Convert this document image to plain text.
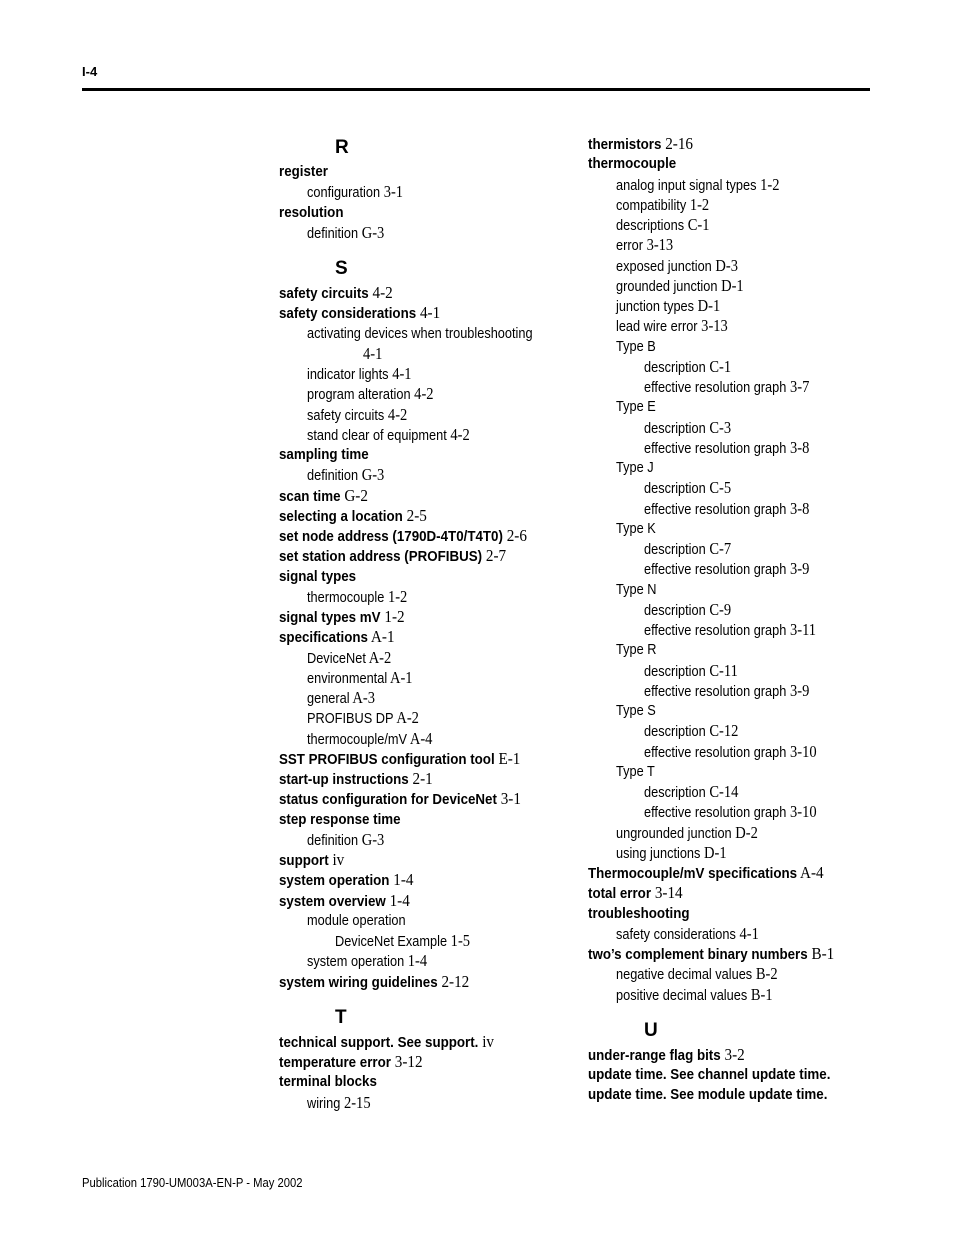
I-4
R
register
configuration 3-1
resolution
definition G-3
S
safety circuits 4-2
safety considerations 4-1
activating devices when troubleshooting
4-1
indicator lights 4-1
program alteration 4-2
safety circuits 4-2
stand clear of equipment 4-2
sampling time
definition G-3
scan time G-2
selecting a location 2-5
set node address (1790D-4T0/T4T0) 2-6
set station address (PROFIBUS) 2-7
signal types
thermocouple 1-2
signal types mV 1-2
specifications A-1
DeviceNet A-2
environmental A-1
general A-3
PROFIBUS DP A-2
thermocouple/mV A-4
SST PROFIBUS configuration tool E-1
start-up instructions 2-1
status configuration for DeviceNet 3-1
step response time
definition G-3
support iv
system operation 1-4
system overview 1-4
module operation
DeviceNet Example 1-5
system operation 1-4
system wiring guidelines 2-12
T
technical support. See support. iv
temperature error 3-12
terminal blocks
wiring 2-15
thermistors 2-16
thermocouple
analog input signal types 1-2
compatibility 1-2
descriptions C-1
error 3-13
exposed junction D-3
grounded junction D-1
junction types D-1
lead wire error 3-13
Type B
description C-1
effective resolution graph 3-7
Type E
description C-3
effective resolution graph 3-8
Type J
description C-5
effective resolution graph 3-8
Type K
description C-7
effective resolution graph 3-9
Type N
description C-9
effective resolution graph 3-11
Type R
description C-11
effective resolution graph 3-9
Type S
description C-12
effective resolution graph 3-10
Type T
description C-14
effective resolution graph 3-10
ungrounded junction D-2
using junctions D-1
Thermocouple/mV specifications A-4
total error 3-14
troubleshooting
safety considerations 4-1
two’s complement binary numbers B-1
negative decimal values B-2
positive decimal values B-1
U
under-range flag bits 3-2
update time. See channel update time.
update time. See module update time.
Publication 1790-UM003A-EN-P - May 2002
